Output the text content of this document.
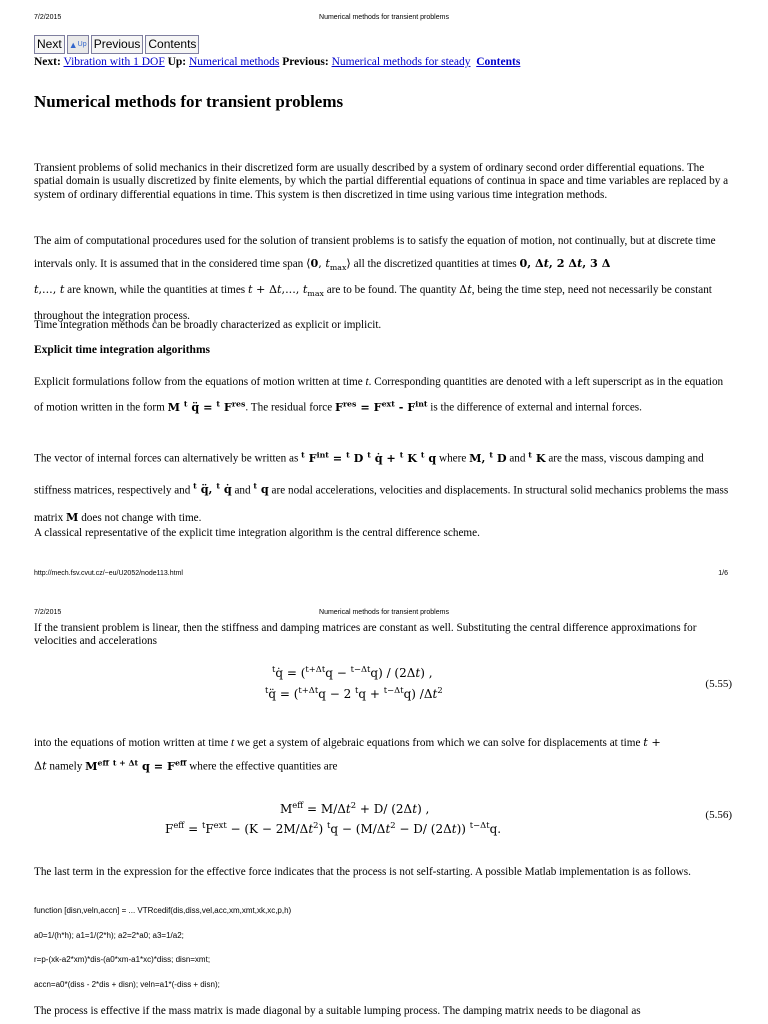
7/2/2015	Numerical methods for transient problems
Next ▲ Up Previous Contents
Next: Vibration with 1 DOF Up: Numerical methods Previous: Numerical methods for steady Contents
Numerical methods for transient problems

Transient problems of solid mechanics in their discretized form are usually described by a system of ordinary second order differential equations. The spatial domain is usually discretized by finite elements, by which the partial differential equations of continua in space and time variables are replaced by a system of ordinary differential equations in time. This system is then discretized in time using various time integration methods.

The aim of computational procedures used for the solution of transient problems is to satisfy the equation of motion, not continually, but at discrete time intervals only. It is assumed that in the considered time span ⟨0, $t_{max}⟩$ all the discretized quantities at times 0, Δt, 2 Δt, 3 Δ
t,..., t are known, while the quantities at times t + Δt,..., $t_{max}$ are to be found. The quantity Δt, being the time step, need not necessarily be constant throughout the integration process.

Time integration methods can be broadly characterized as explicit or implicit.

Explicit time integration algorithms

Explicit formulations follow from the equations of motion written at time t. Corresponding quantities are denoted with a left superscript as in the equation of motion written in the form M $^t$ q̈ = $^t$ $F^{res}$. The residual force $F^{res} = F^{ext} - F^{int}$ is the difference of external and internal forces.

The vector of internal forces can alternatively be written as $^t$ $F^{int} = ^t$ D $^t$ q̇ + $^t$ K $^t$ q where M, $^t$ D and $^t$ K are the mass, viscous damping and stiffness matrices, respectively and $^t$ q̈, $^t$ q̇ and $^t$ q are nodal accelerations, velocities and displacements. In structural solid mechanics problems the mass matrix M does not change with time.

A classical representative of the explicit time integration algorithm is the central difference scheme.

http://mech.fsv.cvut.cz/~eu/U2052/node113.html	1/6
7/2/2015	Numerical methods for transient problems

If the transient problem is linear, then the stiffness and damping matrices are constant as well. Substituting the central difference approximations for velocities and accelerations

$^t$q̇ = ($^{t+\Delta t}$q − $^{t-\Delta t}$q) / (2Δt) ,
$^t$q̈ = ($^{t+\Delta t}$q − 2 $^t$q + $^{t-\Delta t}$q) $/\Delta t^2$	(5.55)

into the equations of motion written at time t we get a system of algebraic equations from which we can solve for displacements at time t +
Δt namely $M^{eff}$ $^{t + \Delta t}$ $q = F^{eff}$ where the effective quantities are

$M^{eff} = M/\Delta t^2 + D/$ (2Δt) ,
$F^{eff} = ^tF^{ext} - (K - 2M/\Delta t^2) ^tq - (M/\Delta t^2 - D/$ (2Δt)) $^{t-\Delta t}$q.
(5.56)

The last term in the expression for the effective force indicates that the process is not self-starting. A possible Matlab implementation is as follows.

function [disn,veln,accn] = ... VTRcedif(dis,diss,vel,acc,xm,xmt,xk,xc,p,h)
a0=1/(h*h); a1=1/(2*h); a2=2*a0; a3=1/a2;
r=p-(xk-a2*xm)*dis-(a0*xm-a1*xc)*diss; disn=xmt;
accn=a0*(diss - 2*dis + disn); veln=a1*(-diss + disn);

The process is effective if the mass matrix is made diagonal by a suitable lumping process. The damping matrix needs to be diagonal as
